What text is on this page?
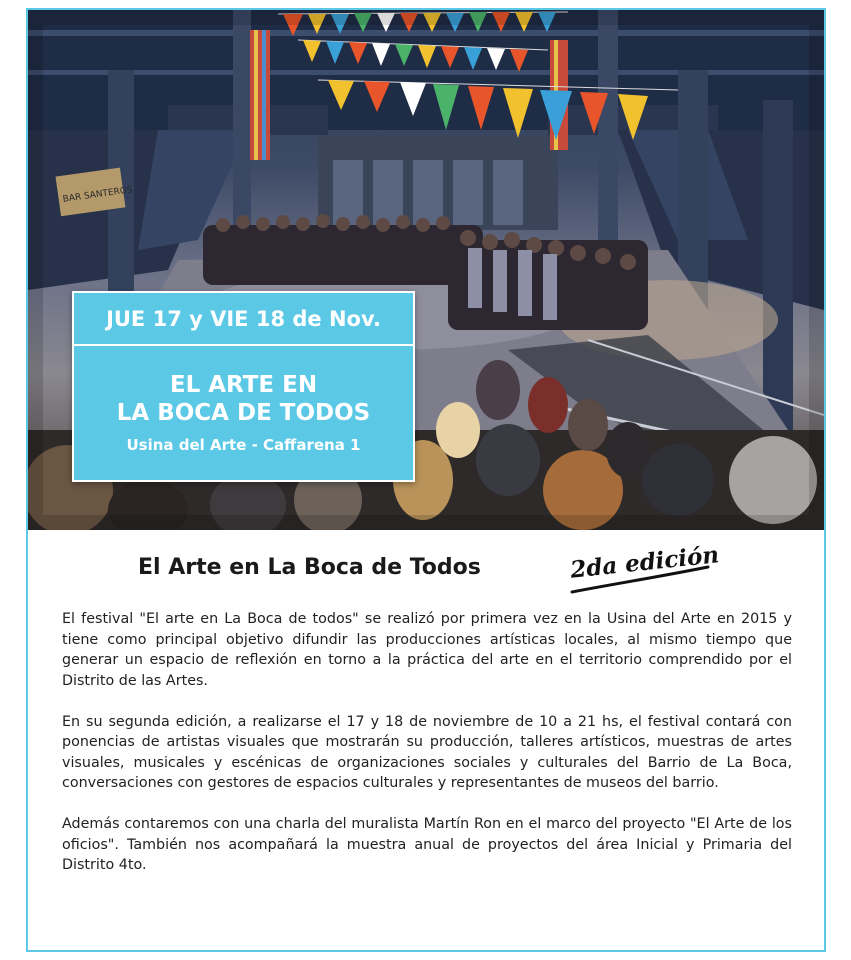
BAR SANTEROS
JUE 17 y VIE 18 de Nov.
EL ARTE EN
LA BOCA DE TODOS
Usina del Arte - Caffarena 1
El Arte en La Boca de Todos	2da edición

El festival "El arte en La Boca de todos" se realizó por primera vez en la Usina del Arte en 2015 y tiene como principal objetivo difundir las producciones artísticas locales, al mismo tiempo que generar un espacio de reflexión en torno a la práctica del arte en el territorio comprendido por el Distrito de las Artes.

En su segunda edición, a realizarse el 17 y 18 de noviembre de 10 a 21 hs, el festival contará con ponencias de artistas visuales que mostrarán su producción, talleres artísticos, muestras de artes visuales, musicales y escénicas de organizaciones sociales y culturales del Barrio de La Boca, conversaciones con gestores de espacios culturales y representantes de museos del barrio.

Además contaremos con una charla del muralista Martín Ron en el marco del proyecto "El Arte de los oficios". También nos acompañará la muestra anual de proyectos del área Inicial y Primaria del Distrito 4to.
